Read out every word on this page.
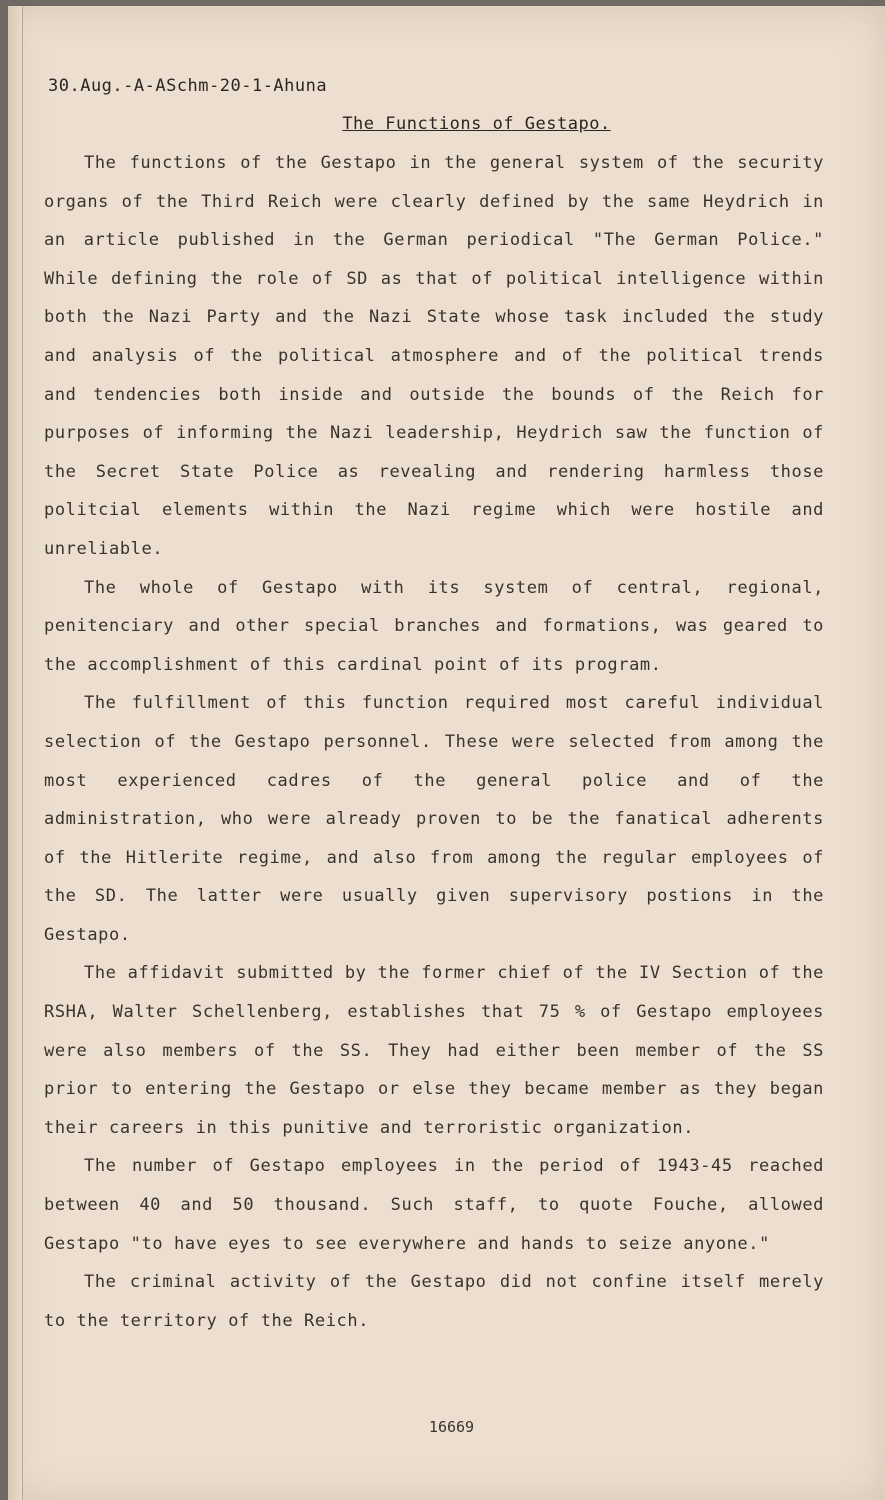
30.Aug.-A-ASchm-20-1-Ahuna
The Functions of Gestapo.

The functions of the Gestapo in the general system of the security organs of the Third Reich were clearly defined by the same Heydrich in an article published in the German periodical "The German Police." While defining the role of SD as that of political intelligence within both the Nazi Party and the Nazi State whose task included the study and analysis of the political atmosphere and of the political trends and tendencies both inside and outside the bounds of the Reich for purposes of informing the Nazi leadership, Heydrich saw the function of the Secret State Police as revealing and rendering harmless those politcial elements within the Nazi regime which were hostile and unreliable.

The whole of Gestapo with its system of central, regional, penitenciary and other special branches and formations, was geared to the accomplishment of this cardinal point of its program.

The fulfillment of this function required most careful individual selection of the Gestapo personnel. These were selected from among the most experienced cadres of the general police and of the administration, who were already proven to be the fanatical adherents of the Hitlerite regime, and also from among the regular employees of the SD. The latter were usually given supervisory postions in the Gestapo.

The affidavit submitted by the former chief of the IV Section of the RSHA, Walter Schellenberg, establishes that 75 % of Gestapo employees were also members of the SS. They had either been member of the SS prior to entering the Gestapo or else they became member as they began their careers in this punitive and terroristic organization.

The number of Gestapo employees in the period of 1943-45 reached between 40 and 50 thousand. Such staff, to quote Fouche, allowed Gestapo "to have eyes to see everywhere and hands to seize anyone."

The criminal activity of the Gestapo did not confine itself merely to the territory of the Reich.

16669
